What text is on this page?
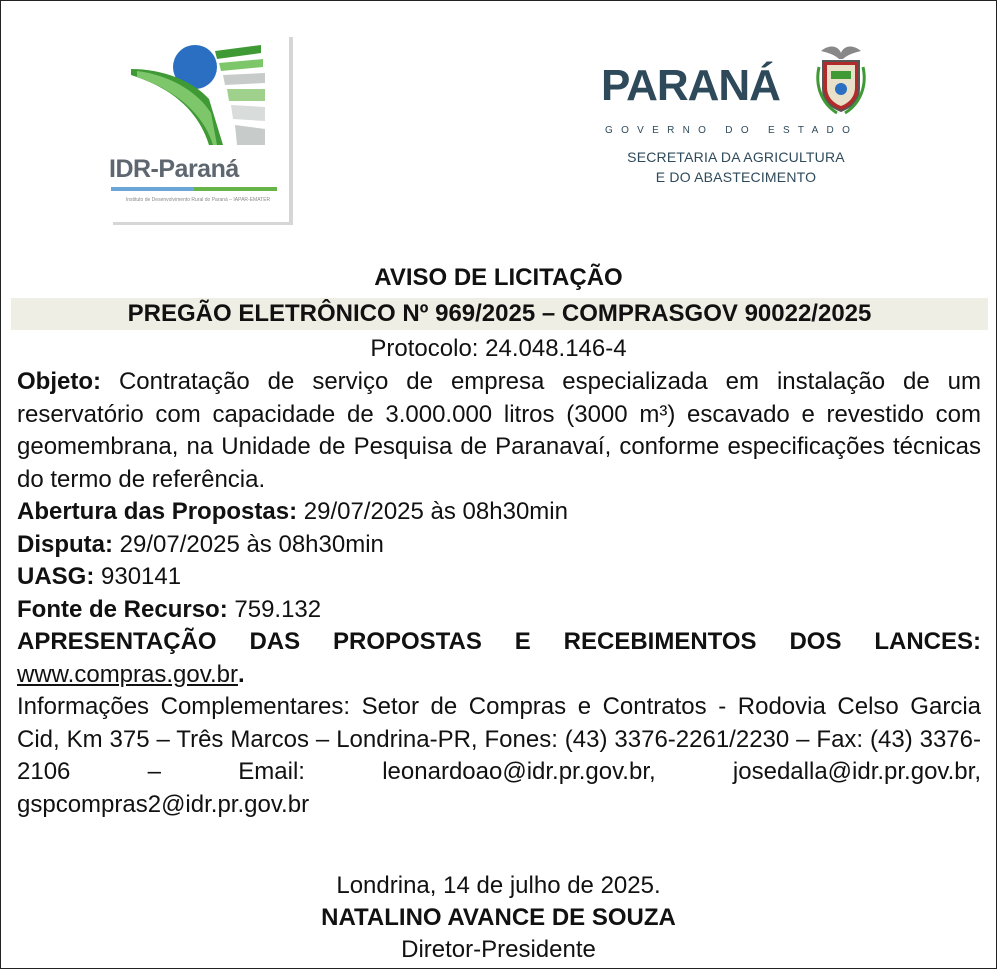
IDR-Paraná
Instituto de Desenvolvimento Rural do Paraná – IAPAR-EMATER
PARANÁ
GOVERNO DO ESTADO
SECRETARIA DA AGRICULTURA
E DO ABASTECIMENTO
AVISO DE LICITAÇÃO
PREGÃO ELETRÔNICO Nº 969/2025 – COMPRASGOV 90022/2025
Protocolo: 24.048.146-4

Objeto: Contratação de serviço de empresa especializada em instalação de um reservatório com capacidade de 3.000.000 litros (3000 m³) escavado e revestido com geomembrana, na Unidade de Pesquisa de Paranavaí, conforme especificações técnicas do termo de referência.

Abertura das Propostas: 29/07/2025 às 08h30min

Disputa: 29/07/2025 às 08h30min

UASG: 930141

Fonte de Recurso: 759.132

APRESENTAÇÃO DAS PROPOSTAS E RECEBIMENTOS DOS LANCES: www.compras.gov.br.

Informações Complementares: Setor de Compras e Contratos - Rodovia Celso Garcia Cid, Km 375 – Três Marcos – Londrina-PR, Fones: (43) 3376-2261/2230 – Fax: (43) 3376-2106 – Email: leonardoao@idr.pr.gov.br, josedalla@idr.pr.gov.br, gspcompras2@idr.pr.gov.br

Londrina, 14 de julho de 2025.
NATALINO AVANCE DE SOUZA
Diretor-Presidente
